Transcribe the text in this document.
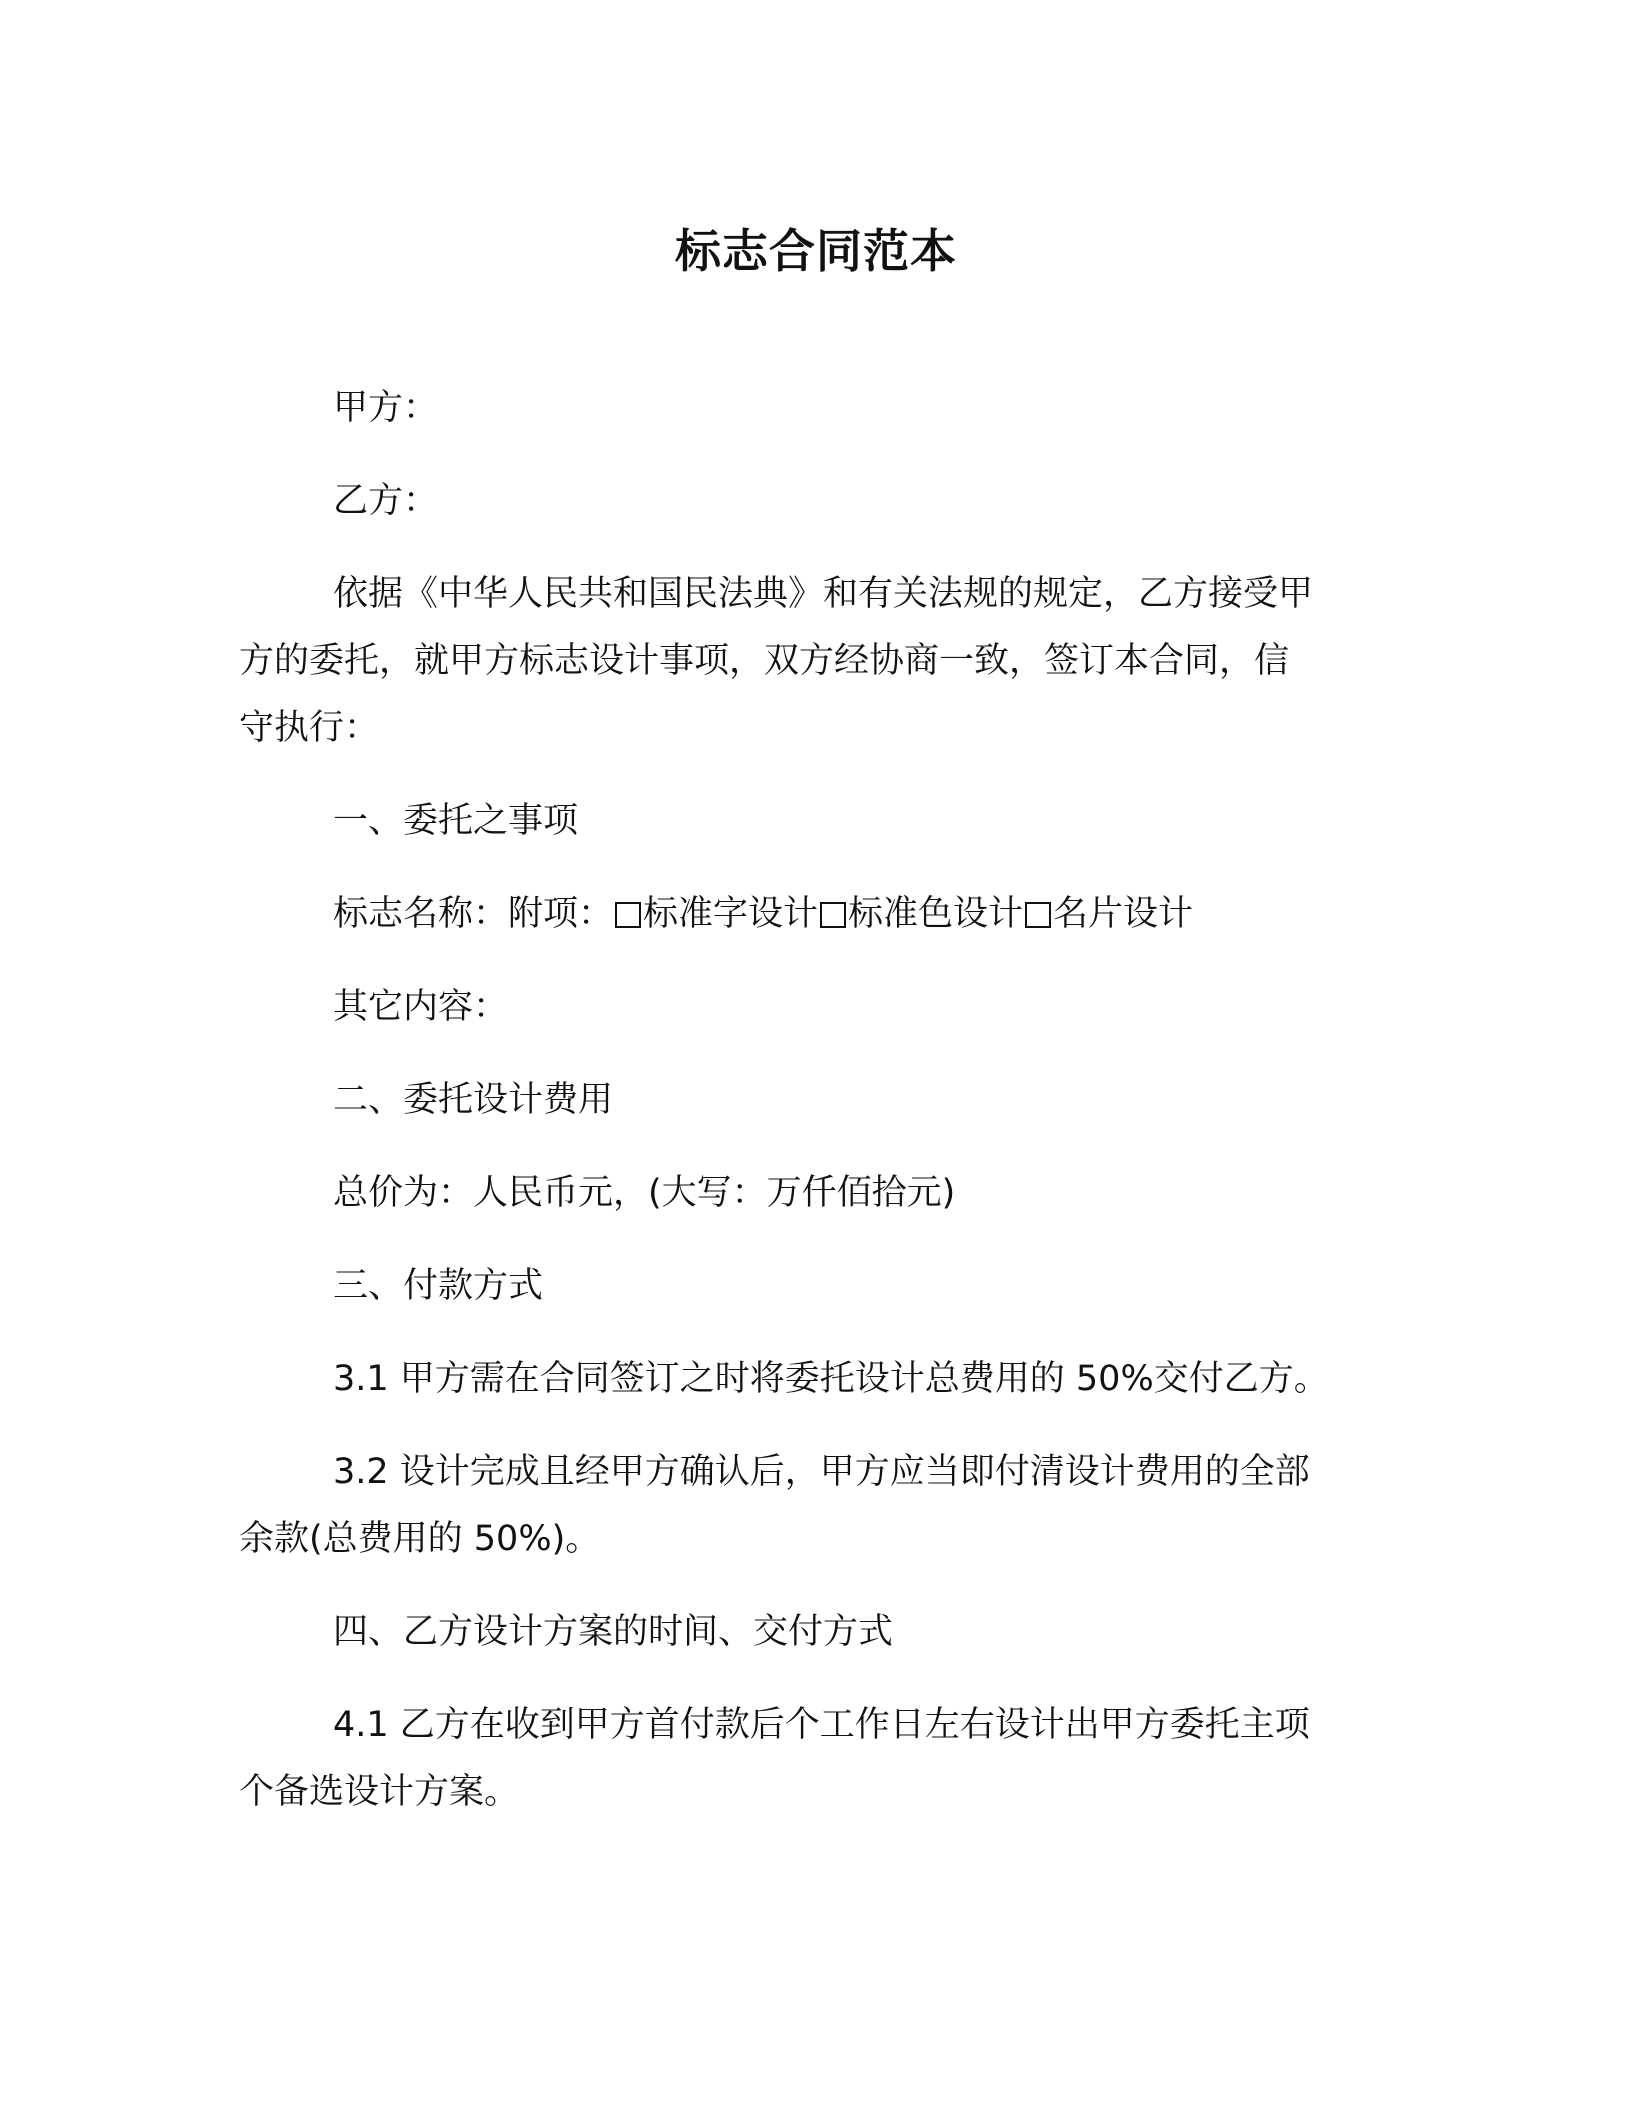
标志合同范本

甲方：

乙方：

依据《中华人民共和国民法典》和有关法规的规定，乙方接受甲

方的委托，就甲方标志设计事项，双方经协商一致，签订本合同，信

守执行：

一、委托之事项

标志名称：附项： 标准字设计 标准色设计 名片设计

其它内容：

二、委托设计费用

总价为：人民币元，(大写：万仟佰拾元)

三、付款方式

3.1 甲方需在合同签订之时将委托设计总费用的 50%交付乙方。

3.2 设计完成且经甲方确认后，甲方应当即付清设计费用的全部

余款(总费用的 50%)。

四、乙方设计方案的时间、交付方式

4.1 乙方在收到甲方首付款后个工作日左右设计出甲方委托主项

个备选设计方案。
